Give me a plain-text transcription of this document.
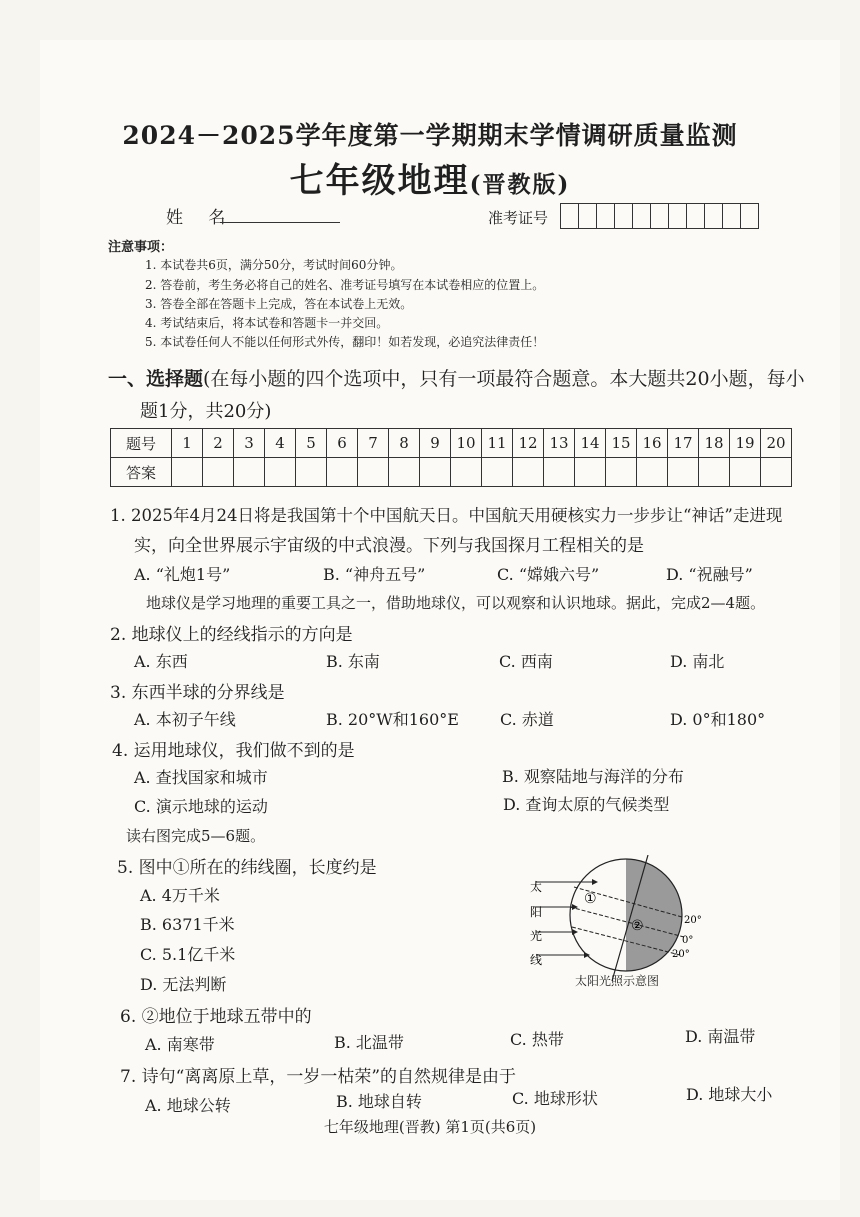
2024－2025学年度第一学期期末学情调研质量监测
七年级地理(晋教版)
姓 名	准考证号
注意事项：
1. 本试卷共6页，满分50分，考试时间60分钟。
2. 答卷前，考生务必将自己的姓名、准考证号填写在本试卷相应的位置上。
3. 答卷全部在答题卡上完成，答在本试卷上无效。
4. 考试结束后，将本试卷和答题卡一并交回。
5. 本试卷任何人不能以任何形式外传，翻印！如若发现，必追究法律责任！
一、选择题(在每小题的四个选项中，只有一项最符合题意。本大题共20小题，每小
题1分，共20分)
题号	1	2	3	4	5	6	7	8	9	10	11	12	13	14	15	16	17	18	19	20
答案																				
1. 2025年4月24日将是我国第十个中国航天日。中国航天用硬核实力一步步让“神话”走进现
实，向全世界展示宇宙级的中式浪漫。下列与我国探月工程相关的是
A. “礼炮1号”	B. “神舟五号”	C. “嫦娥六号”	D. “祝融号”
地球仪是学习地理的重要工具之一，借助地球仪，可以观察和认识地球。据此，完成2—4题。
2. 地球仪上的经线指示的方向是
A. 东西	B. 东南	C. 西南	D. 南北
3. 东西半球的分界线是
A. 本初子午线	B. 20°W和160°E	C. 赤道	D. 0°和180°
4. 运用地球仪，我们做不到的是
A. 查找国家和城市	B. 观察陆地与海洋的分布
C. 演示地球的运动	D. 查询太原的气候类型
读右图完成5—6题。
5. 图中①所在的纬线圈，长度约是
A. 4万千米
B. 6371千米
C. 5.1亿千米
D. 无法判断
太
阳
光
线
①
②	20°
0°
20°
太阳光照示意图
6. ②地位于地球五带中的
A. 南寒带	B. 北温带	C. 热带	D. 南温带
7. 诗句“离离原上草，一岁一枯荣”的自然规律是由于
A. 地球公转	B. 地球自转	C. 地球形状	D. 地球大小
七年级地理(晋教) 第1页(共6页)
